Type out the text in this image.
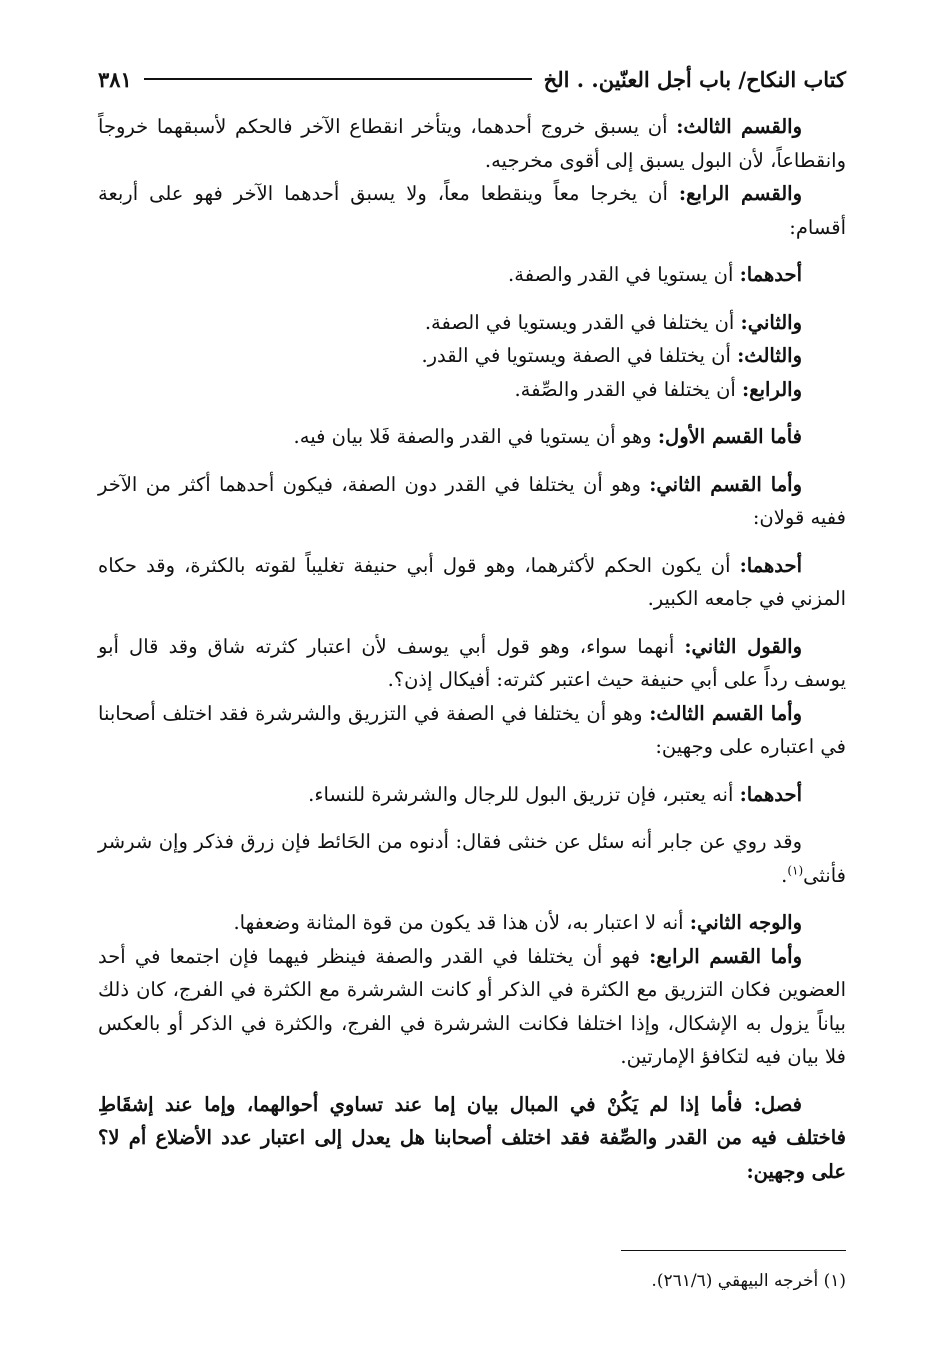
كتاب النكاح/ باب أجل العنّين. . الخ
٣٨١

والقسم الثالث: أن يسبق خروج أحدهما، ويتأخر انقطاع الآخر فالحكم لأسبقهما خروجاً وانقطاعاً، لأن البول يسبق إلى أقوى مخرجيه.

والقسم الرابع: أن يخرجا معاً وينقطعا معاً، ولا يسبق أحدهما الآخر فهو على أربعة أقسام:

أحدهما: أن يستويا في القدر والصفة.

والثاني: أن يختلفا في القدر ويستويا في الصفة.

والثالث: أن يختلفا في الصفة ويستويا في القدر.

والرابع: أن يختلفا في القدر والصِّفة.

فأما القسم الأول: وهو أن يستويا في القدر والصفة فَلا بيان فيه.

وأما القسم الثاني: وهو أن يختلفا في القدر دون الصفة، فيكون أحدهما أكثر من الآخر ففيه قولان:

أحدهما: أن يكون الحكم لأكثرهما، وهو قول أبي حنيفة تغليباً لقوته بالكثرة، وقد حكاه المزني في جامعه الكبير.

والقول الثاني: أنهما سواء، وهو قول أبي يوسف لأن اعتبار كثرته شاق وقد قال أبو يوسف رداً على أبي حنيفة حيث اعتبر كثرته: أفيكال إذن؟.

وأما القسم الثالث: وهو أن يختلفا في الصفة في التزريق والشرشرة فقد اختلف أصحابنا في اعتباره على وجهين:

أحدهما: أنه يعتبر، فإن تزريق البول للرجال والشرشرة للنساء.

وقد روي عن جابر أنه سئل عن خنثى فقال: أدنوه من الحَائط فإن زرق فذكر وإن شرشر فأنثى$^{(١)}$.

والوجه الثاني: أنه لا اعتبار به، لأن هذا قد يكون من قوة المثانة وضعفها.

وأما القسم الرابع: فهو أن يختلفا في القدر والصفة فينظر فيهما فإن اجتمعا في أحد العضوين فكان التزريق مع الكثرة في الذكر أو كانت الشرشرة مع الكثرة في الفرج، كان ذلك بياناً يزول به الإشكال، وإذا اختلفا فكانت الشرشرة في الفرج، والكثرة في الذكر أو بالعكس فلا بيان فيه لتكافؤ الإمارتين.

فصل: فأما إذا لم يَكُنْ في المبال بيان إما عند تساوي أحوالهما، وإما عند إشقَاطِ فاختلف فيه من القدر والصِّفة فقد اختلف أصحابنا هل يعدل إلى اعتبار عدد الأضلاع أم لا؟ على وجهين:

(١) أخرجه البيهقي (٢٦١/٦).
